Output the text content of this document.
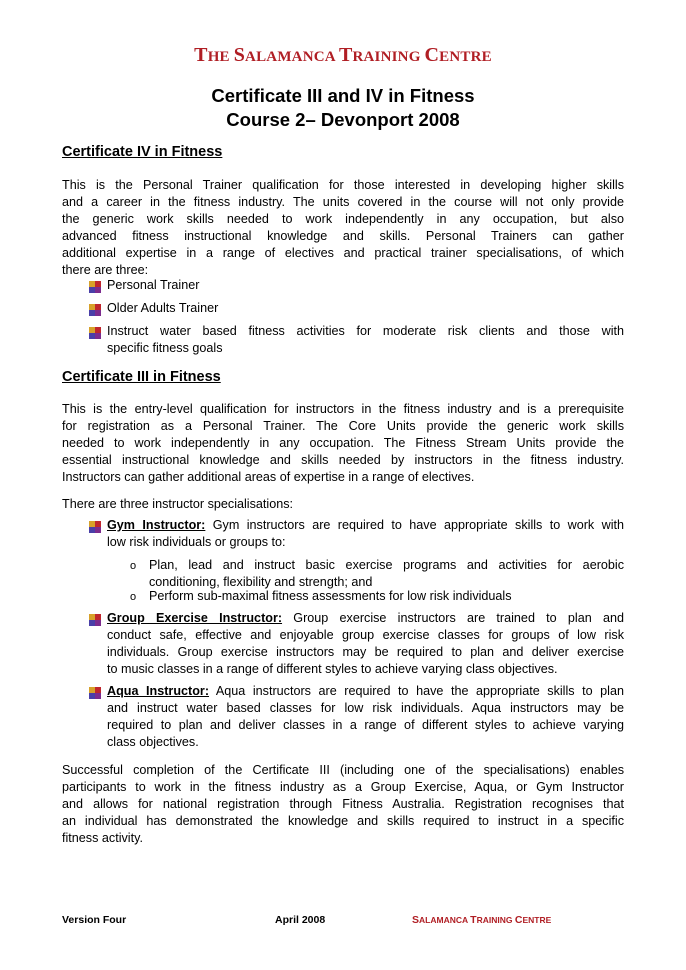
THE SALAMANCA TRAINING CENTRE
Certificate III and IV in Fitness
Course 2– Devonport 2008
Certificate IV in Fitness
This is the Personal Trainer qualification for those interested in developing higher skills
and a career in the fitness industry. The units covered in the course will not only provide
the generic work skills needed to work independently in any occupation, but also
advanced fitness instructional knowledge and skills. Personal Trainers can gather
additional expertise in a range of electives and practical trainer specialisations, of which
there are three:
Personal Trainer
Older Adults Trainer
Instruct water based fitness activities for moderate risk clients and those with
specific fitness goals
Certificate III in Fitness
This is the entry-level qualification for instructors in the fitness industry and is a prerequisite
for registration as a Personal Trainer. The Core Units provide the generic work skills
needed to work independently in any occupation. The Fitness Stream Units provide the
essential instructional knowledge and skills needed by instructors in the fitness industry.
Instructors can gather additional areas of expertise in a range of electives.
There are three instructor specialisations:
Gym Instructor: Gym instructors are required to have appropriate skills to work with
low risk individuals or groups to:
o Plan, lead and instruct basic exercise programs and activities for aerobic
conditioning, flexibility and strength; and
o Perform sub-maximal fitness assessments for low risk individuals
Group Exercise Instructor: Group exercise instructors are trained to plan and
conduct safe, effective and enjoyable group exercise classes for groups of low risk
individuals. Group exercise instructors may be required to plan and deliver exercise
to music classes in a range of different styles to achieve varying class objectives.
Aqua Instructor: Aqua instructors are required to have the appropriate skills to plan
and instruct water based classes for low risk individuals. Aqua instructors may be
required to plan and deliver classes in a range of different styles to achieve varying
class objectives.
Successful completion of the Certificate III (including one of the specialisations) enables
participants to work in the fitness industry as a Group Exercise, Aqua, or Gym Instructor
and allows for national registration through Fitness Australia. Registration recognises that
an individual has demonstrated the knowledge and skills required to instruct in a specific
fitness activity.
Version Four	April 2008	SALAMANCA TRAINING CENTRE
